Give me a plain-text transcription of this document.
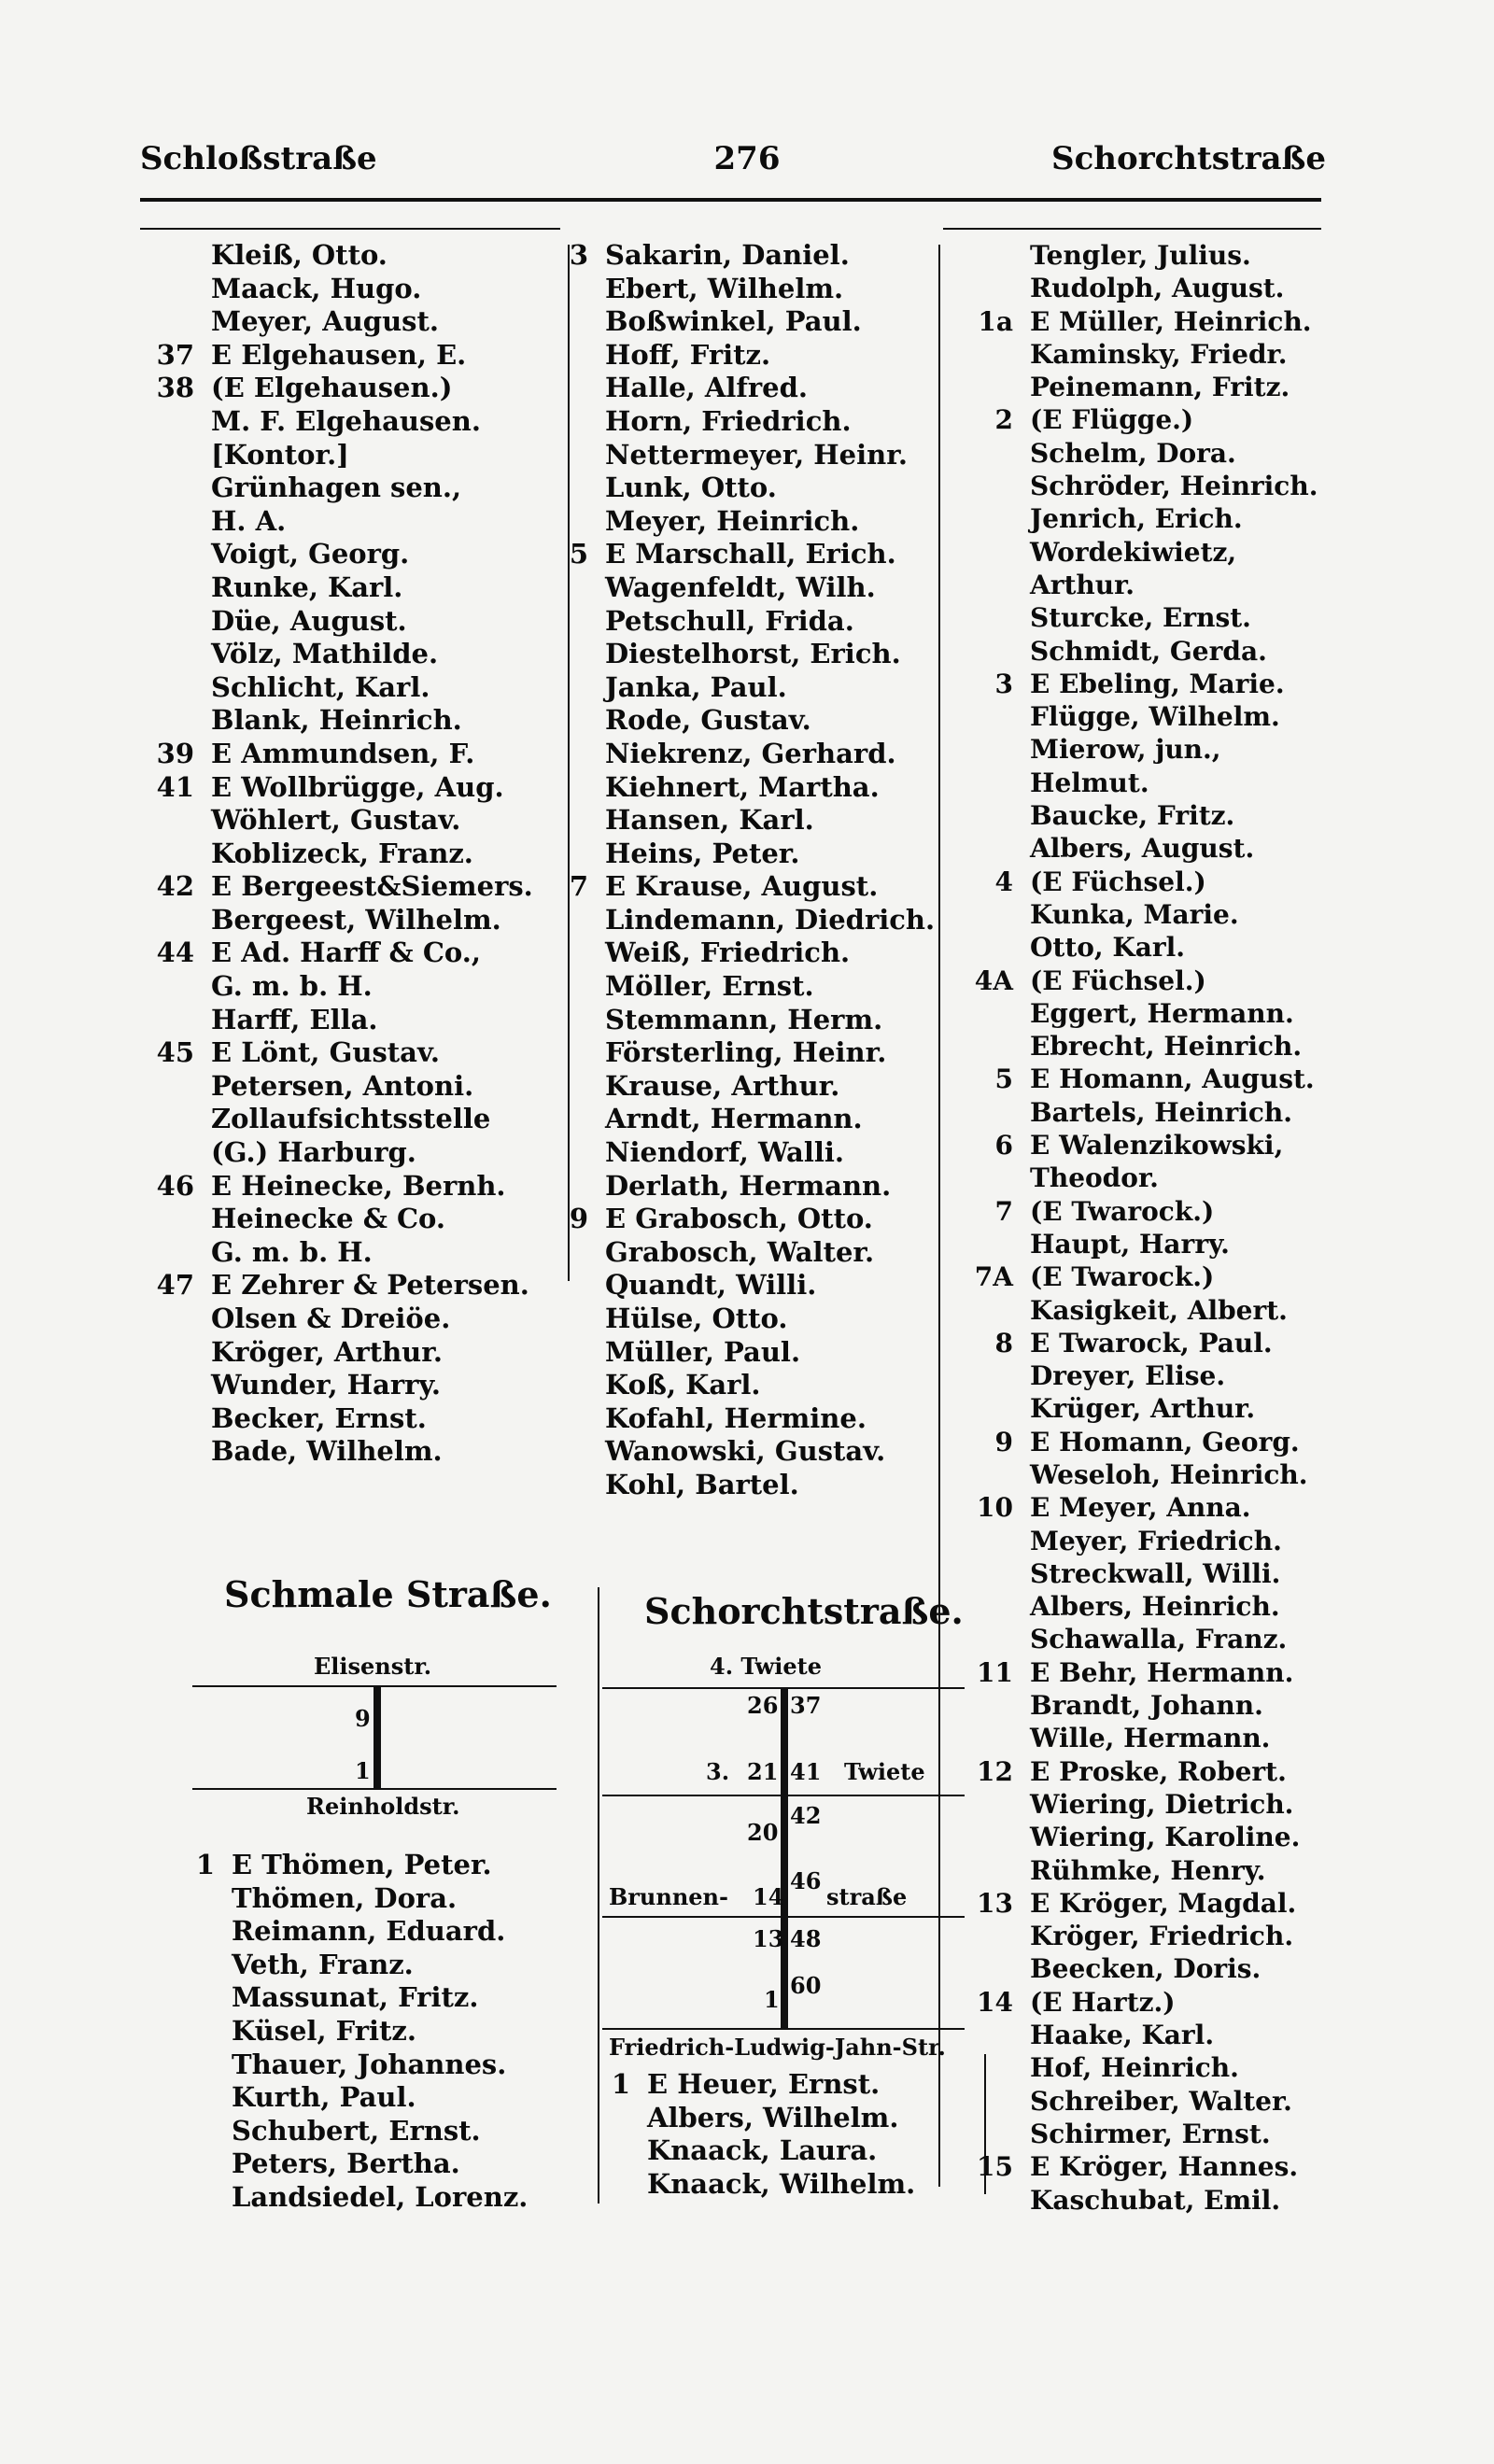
Schloßstraße	276	Schorchtstraße
Kleiß, Otto.
Maack, Hugo.
Meyer, August.
37 E Elgehausen, E.
38 (E Elgehausen.)
M. F. Elgehausen.
[Kontor.]
Grünhagen sen.,
H. A.
Voigt, Georg.
Runke, Karl.
Düe, August.
Völz, Mathilde.
Schlicht, Karl.
Blank, Heinrich.
39 E Ammundsen, F.
41 E Wollbrügge, Aug.
Wöhlert, Gustav.
Koblizeck, Franz.
42 E Bergeest&Siemers.
Bergeest, Wilhelm.
44 E Ad. Harff & Co.,
G. m. b. H.
Harff, Ella.
45 E Lönt, Gustav.
Petersen, Antoni.
Zollaufsichtsstelle
(G.) Harburg.
46 E Heinecke, Bernh.
Heinecke & Co.
G. m. b. H.
47 E Zehrer & Petersen.
Olsen & Dreiöe.
Kröger, Arthur.
Wunder, Harry.
Becker, Ernst.
Bade, Wilhelm.
3 Sakarin, Daniel.
Ebert, Wilhelm.
Boßwinkel, Paul.
Hoff, Fritz.
Halle, Alfred.
Horn, Friedrich.
Nettermeyer, Heinr.
Lunk, Otto.
Meyer, Heinrich.
5 E Marschall, Erich.
Wagenfeldt, Wilh.
Petschull, Frida.
Diestelhorst, Erich.
Janka, Paul.
Rode, Gustav.
Niekrenz, Gerhard.
Kiehnert, Martha.
Hansen, Karl.
Heins, Peter.
7 E Krause, August.
Lindemann, Diedrich.
Weiß, Friedrich.
Möller, Ernst.
Stemmann, Herm.
Försterling, Heinr.
Krause, Arthur.
Arndt, Hermann.
Niendorf, Walli.
Derlath, Hermann.
9 E Grabosch, Otto.
Grabosch, Walter.
Quandt, Willi.
Hülse, Otto.
Müller, Paul.
Koß, Karl.
Kofahl, Hermine.
Wanowski, Gustav.
Kohl, Bartel.
Tengler, Julius.
Rudolph, August.
1a E Müller, Heinrich.
Kaminsky, Friedr.
Peinemann, Fritz.
2 (E Flügge.)
Schelm, Dora.
Schröder, Heinrich.
Jenrich, Erich.
Wordekiwietz,
Arthur.
Sturcke, Ernst.
Schmidt, Gerda.
3 E Ebeling, Marie.
Flügge, Wilhelm.
Mierow, jun.,
Helmut.
Baucke, Fritz.
Albers, August.
4 (E Füchsel.)
Kunka, Marie.
Otto, Karl.
4A (E Füchsel.)
Eggert, Hermann.
Ebrecht, Heinrich.
5 E Homann, August.
Bartels, Heinrich.
6 E Walenzikowski,
Theodor.
7 (E Twarock.)
Haupt, Harry.
7A (E Twarock.)
Kasigkeit, Albert.
8 E Twarock, Paul.
Dreyer, Elise.
Krüger, Arthur.
9 E Homann, Georg.
Weseloh, Heinrich.
10 E Meyer, Anna.
Meyer, Friedrich.
Streckwall, Willi.
Albers, Heinrich.
Schawalla, Franz.
11 E Behr, Hermann.
Brandt, Johann.
Wille, Hermann.
12 E Proske, Robert.
Wiering, Dietrich.
Wiering, Karoline.
Rühmke, Henry.
13 E Kröger, Magdal.
Kröger, Friedrich.
Beecken, Doris.
14 (E Hartz.)
Haake, Karl.
Hof, Heinrich.
Schreiber, Walter.
Schirmer, Ernst.
15 E Kröger, Hannes.
Kaschubat, Emil.
Schmale Straße.
Elisenstr.
9
1
Reinholdstr.
1 E Thömen, Peter.
Thömen, Dora.
Reimann, Eduard.
Veth, Franz.
Massunat, Fritz.
Küsel, Fritz.
Thauer, Johannes.
Kurth, Paul.
Schubert, Ernst.
Peters, Bertha.
Landsiedel, Lorenz.
Schorchtstraße.
4. Twiete
3.	Twiete
Brunnen-	straße
26
21
20
14
13
1
37
41
42
46
48
60
Friedrich-Ludwig-Jahn-Str.
1 E Heuer, Ernst.
Albers, Wilhelm.
Knaack, Laura.
Knaack, Wilhelm.
